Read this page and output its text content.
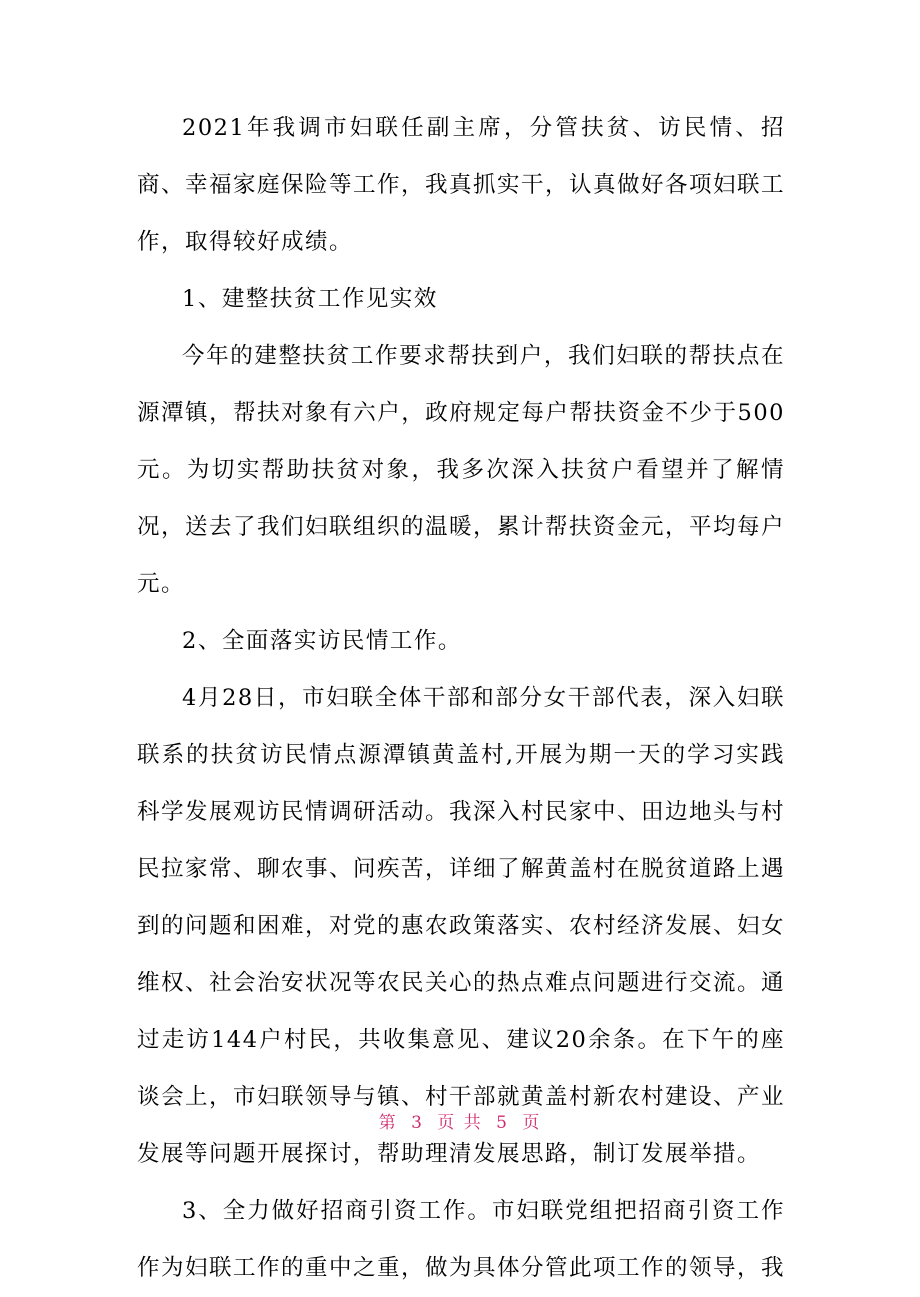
2021年我调市妇联任副主席，分管扶贫、访民情、招商、幸福家庭保险等工作，我真抓实干，认真做好各项妇联工作，取得较好成绩。

1、建整扶贫工作见实效

今年的建整扶贫工作要求帮扶到户，我们妇联的帮扶点在源潭镇，帮扶对象有六户，政府规定每户帮扶资金不少于500元。为切实帮助扶贫对象，我多次深入扶贫户看望并了解情况，送去了我们妇联组织的温暖，累计帮扶资金元，平均每户元。

2、全面落实访民情工作。

4月28日，市妇联全体干部和部分女干部代表，深入妇联联系的扶贫访民情点源潭镇黄盖村,开展为期一天的学习实践科学发展观访民情调研活动。我深入村民家中、田边地头与村民拉家常、聊农事、问疾苦，详细了解黄盖村在脱贫道路上遇到的问题和困难，对党的惠农政策落实、农村经济发展、妇女维权、社会治安状况等农民关心的热点难点问题进行交流。通过走访144户村民，共收集意见、建议20余条。在下午的座谈会上，市妇联领导与镇、村干部就黄盖村新农村建设、产业发展等问题开展探讨，帮助理清发展思路，制订发展举措。

3、全力做好招商引资工作。市妇联党组把招商引资工作作为妇联工作的重中之重，做为具体分管此项工作的领导，我

第 3 页 共 5 页
